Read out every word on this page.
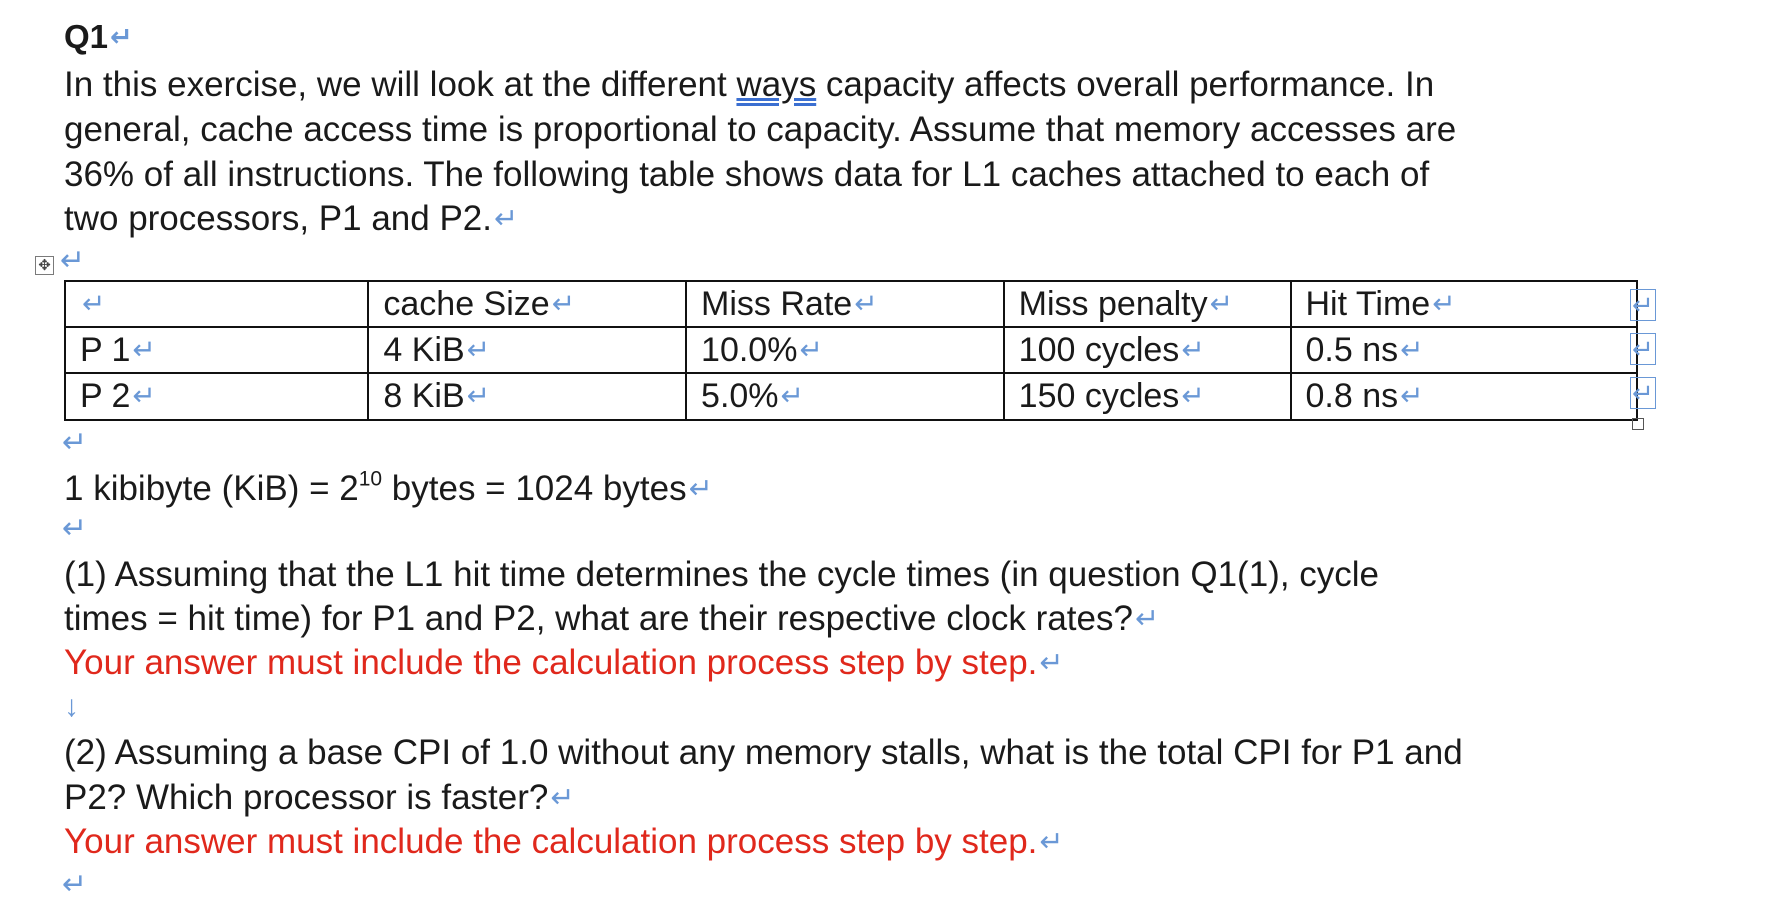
Q1↵
In this exercise, we will look at the different ways capacity affects overall performance. In
general, cache access time is proportional to capacity. Assume that memory accesses are
36% of all instructions. The following table shows data for L1 caches attached to each of
two processors, P1 and P2.↵
✥ ↵
↵	cache Size↵	Miss Rate↵	Miss penalty↵	Hit Time↵
P 1↵	4 KiB↵	10.0%↵	100 cycles↵	0.5 ns↵
P 2↵	8 KiB↵	5.0%↵	150 cycles↵	0.8 ns↵
↵
↵
↵
↵
1 kibibyte $(KiB) = 2^{10}$ bytes = 1024 bytes↵
↵
(1) Assuming that the L1 hit time determines the cycle times (in question Q1(1), cycle
times = hit time) for P1 and P2, what are their respective clock rates?↵
Your answer must include the calculation process step by step.↵
↓
(2) Assuming a base CPI of 1.0 without any memory stalls, what is the total CPI for P1 and
P2? Which processor is faster?↵
Your answer must include the calculation process step by step.↵
↵
